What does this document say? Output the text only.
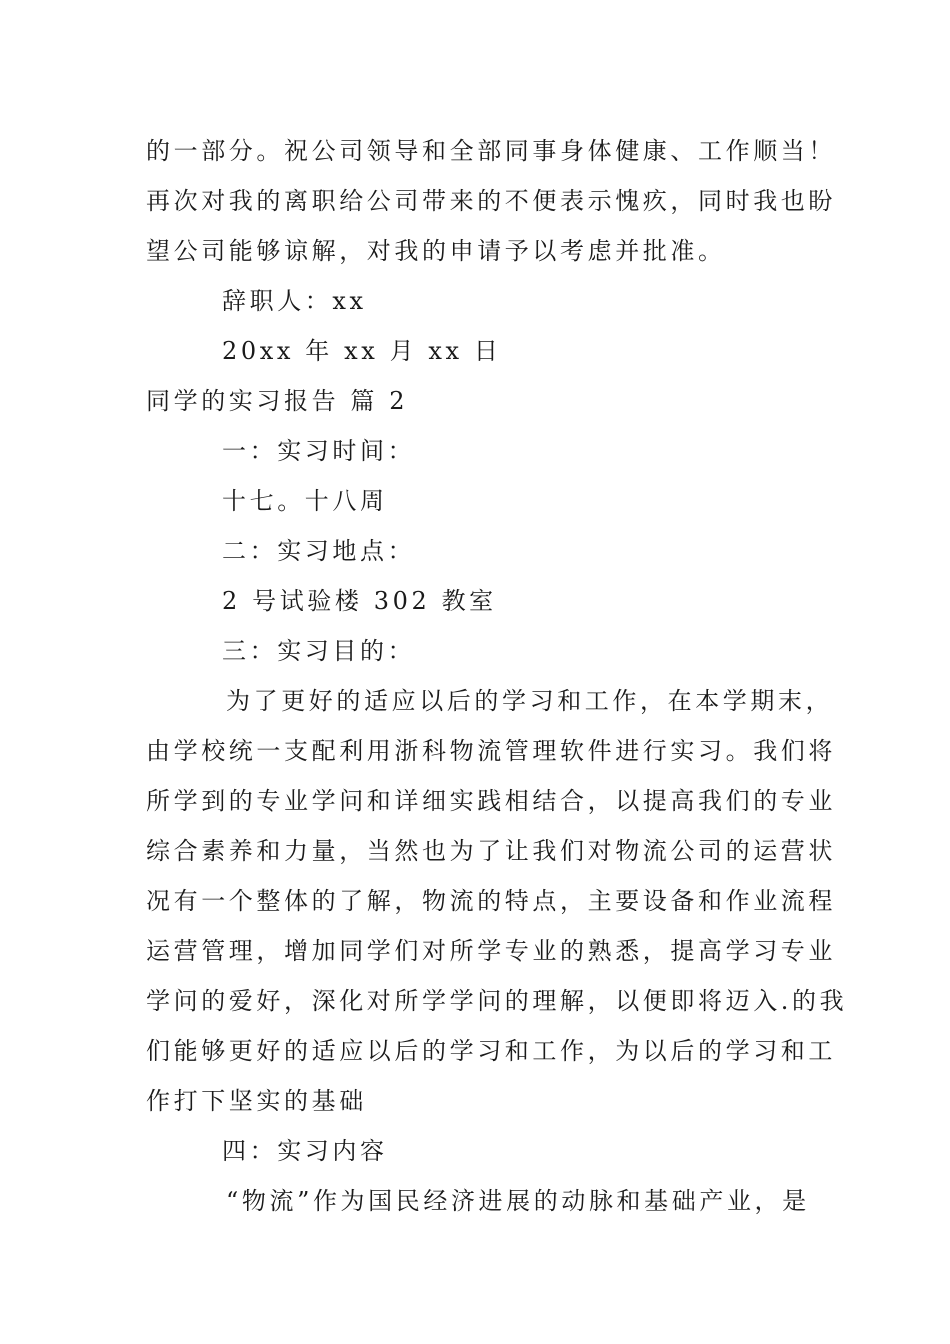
的一部分。祝公司领导和全部同事身体健康、工作顺当！
再次对我的离职给公司带来的不便表示愧疚，同时我也盼
望公司能够谅解，对我的申请予以考虑并批准。
辞职人：xx
20xx 年 xx 月 xx 日
同学的实习报告 篇 2
一：实习时间：
十七。十八周
二：实习地点：
2 号试验楼 302 教室
三：实习目的：
为了更好的适应以后的学习和工作，在本学期末，
由学校统一支配利用浙科物流管理软件进行实习。我们将
所学到的专业学问和详细实践相结合，以提高我们的专业
综合素养和力量，当然也为了让我们对物流公司的运营状
况有一个整体的了解，物流的特点，主要设备和作业流程
运营管理，增加同学们对所学专业的熟悉，提高学习专业
学问的爱好，深化对所学学问的理解，以便即将迈入.的我
们能够更好的适应以后的学习和工作，为以后的学习和工
作打下坚实的基础
四：实习内容
“物流”作为国民经济进展的动脉和基础产业，是
